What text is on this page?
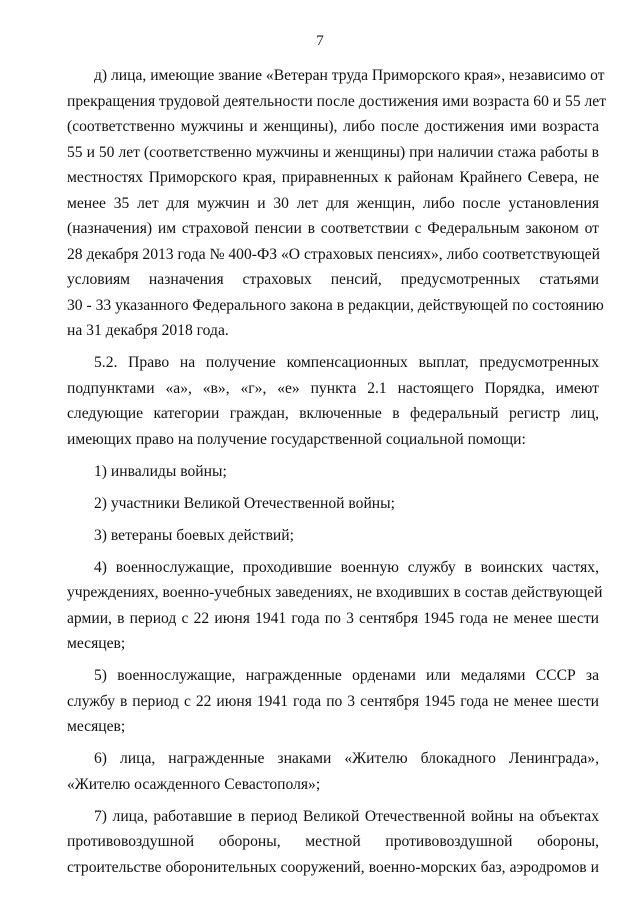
7
д) лица, имеющие звание «Ветеран труда Приморского края», независимо от
прекращения трудовой деятельности после достижения ими возраста 60 и 55 лет
(соответственно мужчины и женщины), либо после достижения ими возраста
55 и 50 лет (соответственно мужчины и женщины) при наличии стажа работы в
местностях Приморского края, приравненных к районам Крайнего Севера, не
менее 35 лет для мужчин и 30 лет для женщин, либо после установления
(назначения) им страховой пенсии в соответствии с Федеральным законом от
28 декабря 2013 года № 400-ФЗ «О страховых пенсиях», либо соответствующей
условиям назначения страховых пенсий, предусмотренных статьями
30 - 33 указанного Федерального закона в редакции, действующей по состоянию
на 31 декабря 2018 года.
5.2. Право на получение компенсационных выплат, предусмотренных
подпунктами «а», «в», «г», «е» пункта 2.1 настоящего Порядка, имеют
следующие категории граждан, включенные в федеральный регистр лиц,
имеющих право на получение государственной социальной помощи:
1) инвалиды войны;
2) участники Великой Отечественной войны;
3) ветераны боевых действий;
4) военнослужащие, проходившие военную службу в воинских частях,
учреждениях, военно-учебных заведениях, не входивших в состав действующей
армии, в период с 22 июня 1941 года по 3 сентября 1945 года не менее шести
месяцев;
5) военнослужащие, награжденные орденами или медалями СССР за
службу в период с 22 июня 1941 года по 3 сентября 1945 года не менее шести
месяцев;
6) лица, награжденные знаками «Жителю блокадного Ленинграда»,
«Жителю осажденного Севастополя»;
7) лица, работавшие в период Великой Отечественной войны на объектах
противовоздушной обороны, местной противовоздушной обороны,
строительстве оборонительных сооружений, военно-морских баз, аэродромов и
